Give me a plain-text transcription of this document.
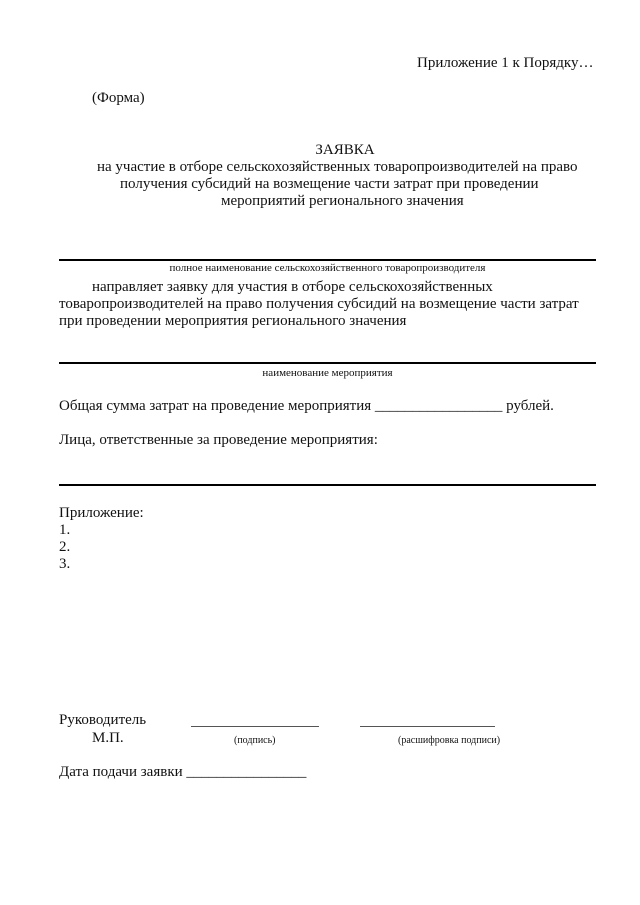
Приложение 1 к Порядку…
(Форма)
ЗАЯВКА
на участие в отборе сельскохозяйственных товаропроизводителей на право
получения субсидий на возмещение части затрат при проведении
мероприятий регионального значения
полное наименование сельскохозяйственного товаропроизводителя
направляет заявку для участия в отборе сельскохозяйственных
товаропроизводителей на право получения субсидий на возмещение части затрат
при проведении мероприятия регионального значения
наименование мероприятия
Общая сумма затрат на проведение мероприятия _________________ рублей.
Лица, ответственные за проведение мероприятия:
Приложение:
1.
2.
3.
Руководитель
М.П.	(подпись)	(расшифровка подписи)
Дата подачи заявки ________________
